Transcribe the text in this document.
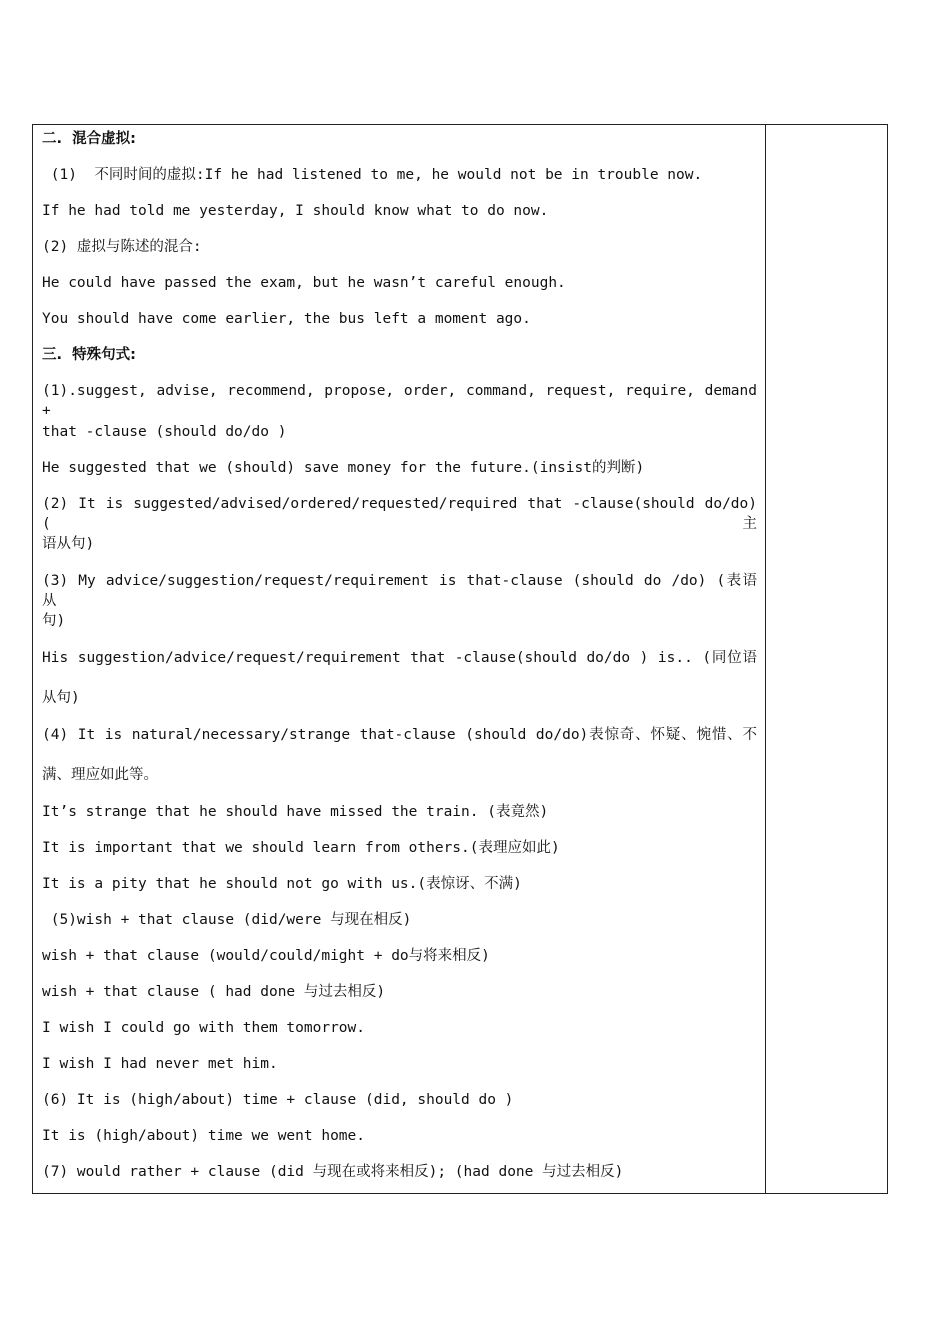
二.  混合虚拟:
(1)  不同时间的虚拟:If he had listened to me, he would not be in trouble now.
If he had told me yesterday, I should know what to do now.
(2) 虚拟与陈述的混合:
He could have passed the exam, but he wasn’t careful enough.
You should have come earlier, the bus left a moment ago.
三.  特殊句式:
(1).suggest, advise, recommend, propose, order, command, request, require, demand +
that -clause (should do/do )
He suggested that we (should) save money for the future.(insist的判断)
(2) It is suggested/advised/ordered/requested/required that -clause(should do/do)(主
语从句)
(3) My advice/suggestion/request/requirement is that-clause (should do /do) (表语从
句)
His suggestion/advice/request/requirement that -clause(should do/do ) is.. (同位语
从句)
(4) It is natural/necessary/strange that-clause (should do/do)表惊奇、怀疑、惋惜、不
满、理应如此等。
It’s strange that he should have missed the train. (表竟然)
It is important that we should learn from others.(表理应如此)
It is a pity that he should not go with us.(表惊讶、不满)
(5)wish + that clause (did/were 与现在相反)
wish + that clause (would/could/might + do与将来相反)
wish + that clause ( had done 与过去相反)
I wish I could go with them tomorrow.
I wish I had never met him.
(6) It is (high/about) time + clause (did, should do )
It is (high/about) time we went home.
(7) would rather + clause (did 与现在或将来相反); (had done 与过去相反)
